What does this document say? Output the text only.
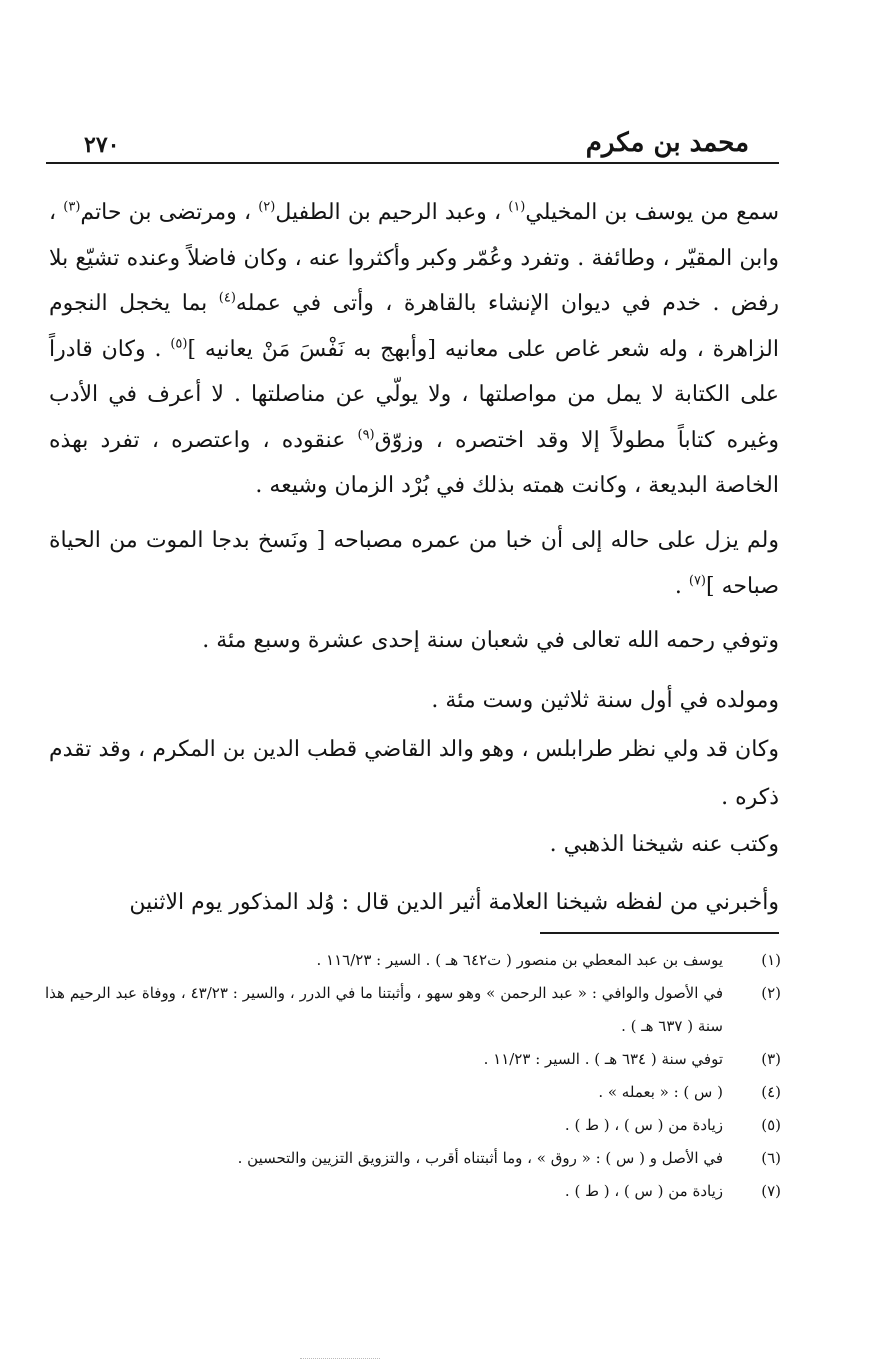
محمد بن مكرم
٢٧٠

سمع من يوسف بن المخيلي$^{(١)}$ ، وعبد الرحيم بن الطفيل$^{(٢)}$ ، ومرتضى بن حاتم$^{(٣)}$ ، وابن المقيّر ، وطائفة . وتفرد وعُمّر وكبر وأكثروا عنه ، وكان فاضلاً وعنده تشيّع بلا رفض . خدم في ديوان الإنشاء بالقاهرة ، وأتى في عمله$^{(٤)}$ بما يخجل النجوم الزاهرة ، وله شعر غاص على معانيه [وأبهج به نَفْسَ مَنْ يعانيه ]$^{(٥)}$ . وكان قادراً على الكتابة لا يمل من مواصلتها ، ولا يولّي عن مناصلتها . لا أعرف في الأدب وغيره كتاباً مطولاً إلا وقد اختصره ، وزوّق$^{(٩)}$ عنقوده ، واعتصره ، تفرد بهذه الخاصة البديعة ، وكانت همته بذلك في بُرْد الزمان وشيعه .

ولم يزل على حاله إلى أن خبا من عمره مصباحه [ ونَسخ بدجا الموت من الحياة صباحه ]$^{(٧)}$ .

وتوفي رحمه الله تعالى في شعبان سنة إحدى عشرة وسبع مئة .

ومولده في أول سنة ثلاثين وست مئة .

وكان قد ولي نظر طرابلس ، وهو والد القاضي قطب الدين بن المكرم ، وقد تقدم ذكره .

وكتب عنه شيخنا الذهبي .

وأخبرني من لفظه شيخنا العلامة أثير الدين قال : وُلد المذكور يوم الاثنين

(١)
يوسف بن عبد المعطي بن منصور ( ت٦٤٢ هـ ) . السير : ١١٦/٢٣ .
(٢)
في الأصول والوافي : « عبد الرحمن » وهو سهو ، وأثبتنا ما في الدرر ، والسير : ٤٣/٢٣ ، ووفاة عبد الرحيم هذا سنة ( ٦٣٧ هـ ) .
(٣)
توفي سنة ( ٦٣٤ هـ ) . السير : ١١/٢٣ .
(٤)
( س ) : « بعمله » .
(٥)
زيادة من ( س ) ، ( ط ) .
(٦)
في الأصل و ( س ) : « روق » ، وما أثبتناه أقرب ، والتزويق التزيين والتحسين .
(٧)
زيادة من ( س ) ، ( ط ) .
